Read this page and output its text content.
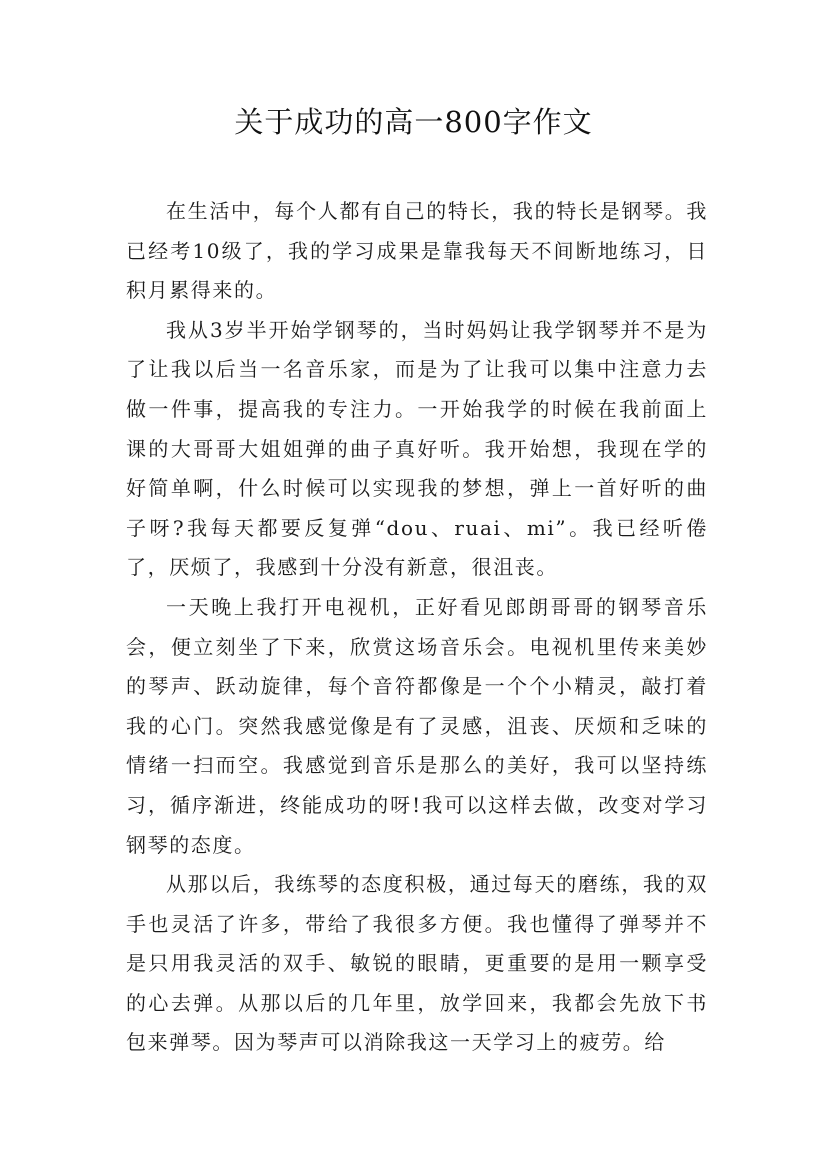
关于成功的高一800字作文

在生活中，每个人都有自己的特长，我的特长是钢琴。我已经考10级了，我的学习成果是靠我每天不间断地练习，日积月累得来的。

我从3岁半开始学钢琴的，当时妈妈让我学钢琴并不是为了让我以后当一名音乐家，而是为了让我可以集中注意力去做一件事，提高我的专注力。一开始我学的时候在我前面上课的大哥哥大姐姐弹的曲子真好听。我开始想，我现在学的好简单啊，什么时候可以实现我的梦想，弹上一首好听的曲子呀?我每天都要反复弹“dou、ruai、mi”。我已经听倦了，厌烦了，我感到十分没有新意，很沮丧。

一天晚上我打开电视机，正好看见郎朗哥哥的钢琴音乐会，便立刻坐了下来，欣赏这场音乐会。电视机里传来美妙的琴声、跃动旋律，每个音符都像是一个个小精灵，敲打着我的心门。突然我感觉像是有了灵感，沮丧、厌烦和乏味的情绪一扫而空。我感觉到音乐是那么的美好，我可以坚持练习，循序渐进，终能成功的呀!我可以这样去做，改变对学习钢琴的态度。

从那以后，我练琴的态度积极，通过每天的磨练，我的双手也灵活了许多，带给了我很多方便。我也懂得了弹琴并不是只用我灵活的双手、敏锐的眼睛，更重要的是用一颗享受的心去弹。从那以后的几年里，放学回来，我都会先放下书包来弹琴。因为琴声可以消除我这一天学习上的疲劳。给
